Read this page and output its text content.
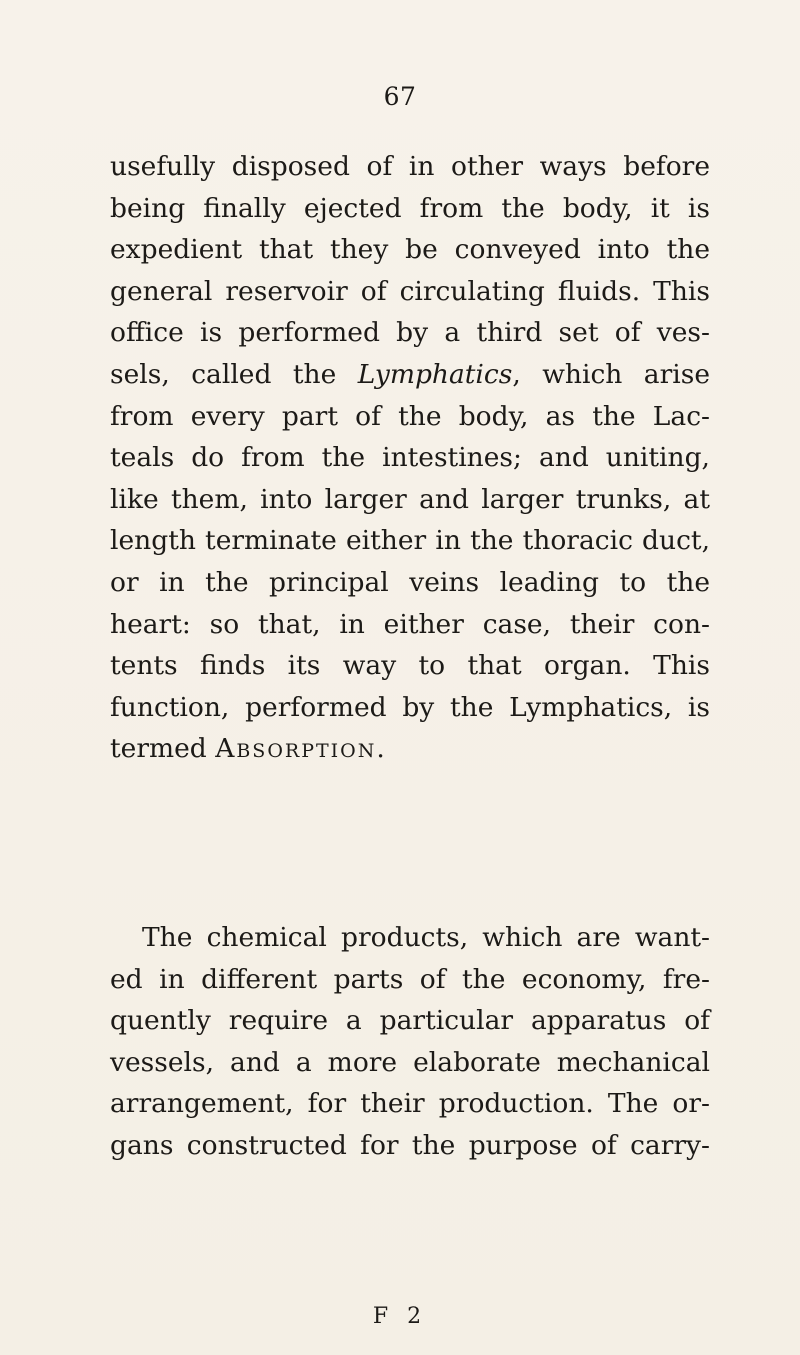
67
usefully disposed of in other ways before
being finally ejected from the body, it is
expedient that they be conveyed into the
general reservoir of circulating fluids. This
office is performed by a third set of ves-
sels, called the Lymphatics, which arise
from every part of the body, as the Lac-
teals do from the intestines; and uniting,
like them, into larger and larger trunks, at
length terminate either in the thoracic duct,
or in the principal veins leading to the
heart: so that, in either case, their con-
tents finds its way to that organ. This
function, performed by the Lymphatics, is
termed Absorption.
The chemical products, which are want-
ed in different parts of the economy, fre-
quently require a particular apparatus of
vessels, and a more elaborate mechanical
arrangement, for their production. The or-
gans constructed for the purpose of carry-
F 2
